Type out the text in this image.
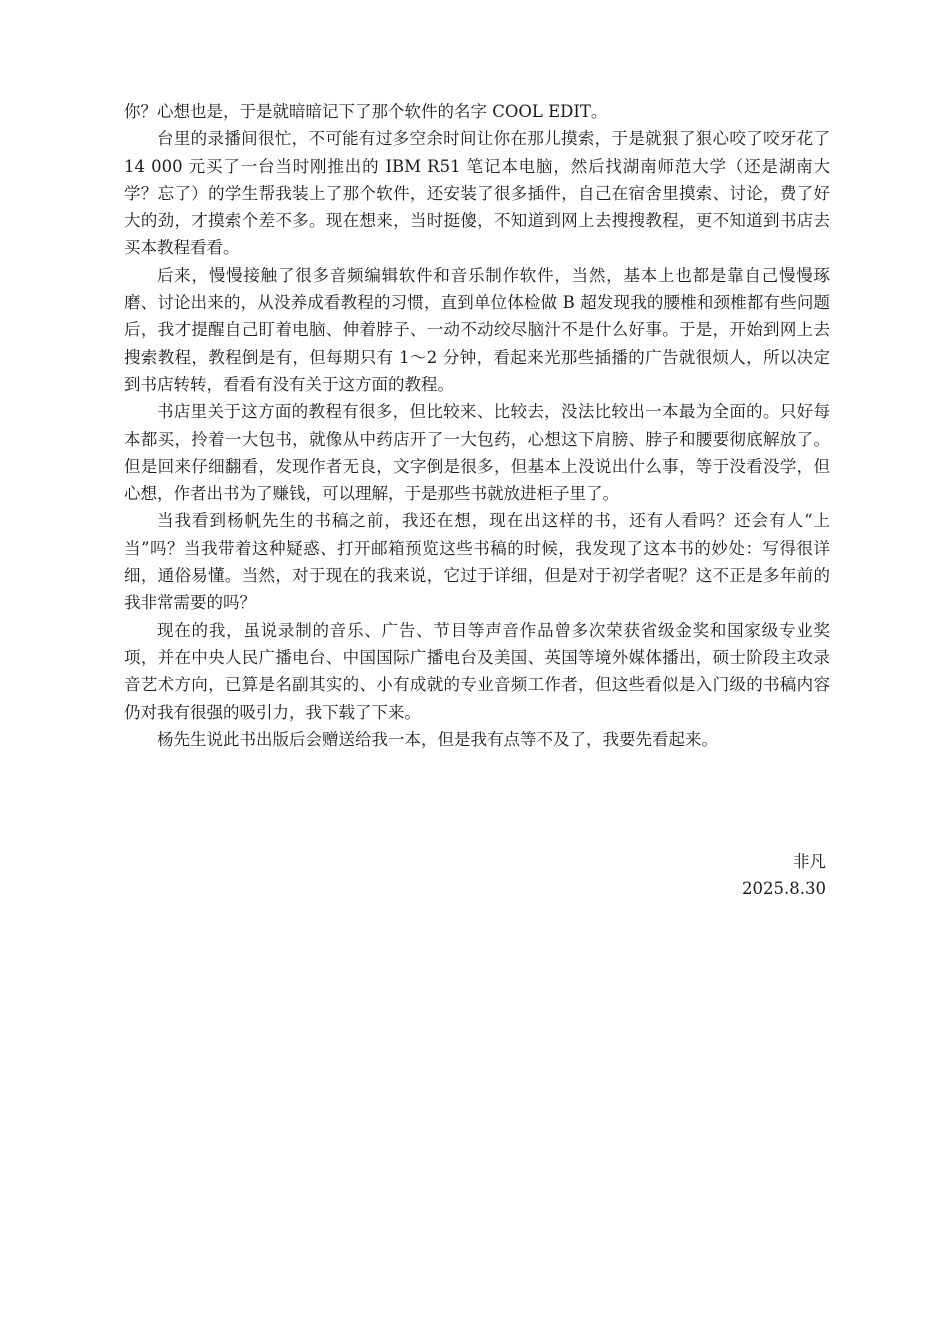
你？心想也是，于是就暗暗记下了那个软件的名字 COOL EDIT。

台里的录播间很忙，不可能有过多空余时间让你在那儿摸索，于是就狠了狠心咬了咬牙花了 14 000 元买了一台当时刚推出的 IBM R51 笔记本电脑，然后找湖南师范大学（还是湖南大学？忘了）的学生帮我装上了那个软件，还安装了很多插件，自己在宿舍里摸索、讨论，费了好大的劲，才摸索个差不多。现在想来，当时挺傻，不知道到网上去搜搜教程，更不知道到书店去买本教程看看。

后来，慢慢接触了很多音频编辑软件和音乐制作软件，当然，基本上也都是靠自己慢慢琢磨、讨论出来的，从没养成看教程的习惯，直到单位体检做 B 超发现我的腰椎和颈椎都有些问题后，我才提醒自己盯着电脑、伸着脖子、一动不动绞尽脑汁不是什么好事。于是，开始到网上去搜索教程，教程倒是有，但每期只有 1～2 分钟，看起来光那些插播的广告就很烦人，所以决定到书店转转，看看有没有关于这方面的教程。

书店里关于这方面的教程有很多，但比较来、比较去，没法比较出一本最为全面的。只好每本都买，拎着一大包书，就像从中药店开了一大包药，心想这下肩膀、脖子和腰要彻底解放了。但是回来仔细翻看，发现作者无良，文字倒是很多，但基本上没说出什么事，等于没看没学，但心想，作者出书为了赚钱，可以理解，于是那些书就放进柜子里了。

当我看到杨帆先生的书稿之前，我还在想，现在出这样的书，还有人看吗？还会有人“上当”吗？当我带着这种疑惑、打开邮箱预览这些书稿的时候，我发现了这本书的妙处：写得很详细，通俗易懂。当然，对于现在的我来说，它过于详细，但是对于初学者呢？这不正是多年前的我非常需要的吗？

现在的我，虽说录制的音乐、广告、节目等声音作品曾多次荣获省级金奖和国家级专业奖项，并在中央人民广播电台、中国国际广播电台及美国、英国等境外媒体播出，硕士阶段主攻录音艺术方向，已算是名副其实的、小有成就的专业音频工作者，但这些看似是入门级的书稿内容仍对我有很强的吸引力，我下载了下来。

杨先生说此书出版后会赠送给我一本，但是我有点等不及了，我要先看起来。

非凡
2025.8.30
